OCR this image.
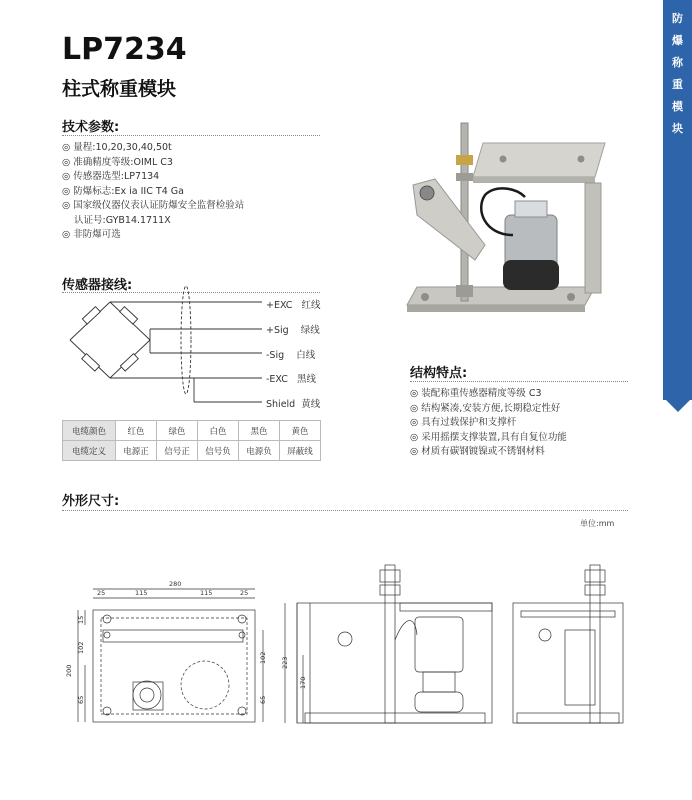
防
爆
称
重
模
块
LP7234
柱式称重模块
技术参数:
◎ 量程:10,20,30,40,50t
◎ 准确精度等级:OIML C3
◎ 传感器选型:LP7134
◎ 防爆标志:Ex ia IIC T4 Ga
◎ 国家级仪器仪表认证防爆安全监督检验站
认证号:GYB14.1711X
◎ 非防爆可选
传感器接线:
+EXC 红线
+Sig 绿线
-Sig 白线
-EXC 黑线
Shield 黄线
电缆颜色	红色	绿色	白色	黑色	黄色
电缆定义	电源正	信号正	信号负	电源负	屏蔽线
结构特点:
◎ 装配称重传感器精度等级 C3
◎ 结构紧凑,安装方便,长期稳定性好
◎ 具有过载保护和支撑杆
◎ 采用摇摆支撑装置,具有自复位功能
◎ 材质有碳钢镀镍或不锈钢材料
外形尺寸:
单位:mm
280
25	115	115	25
15
102
200
65
102
65
223
170
